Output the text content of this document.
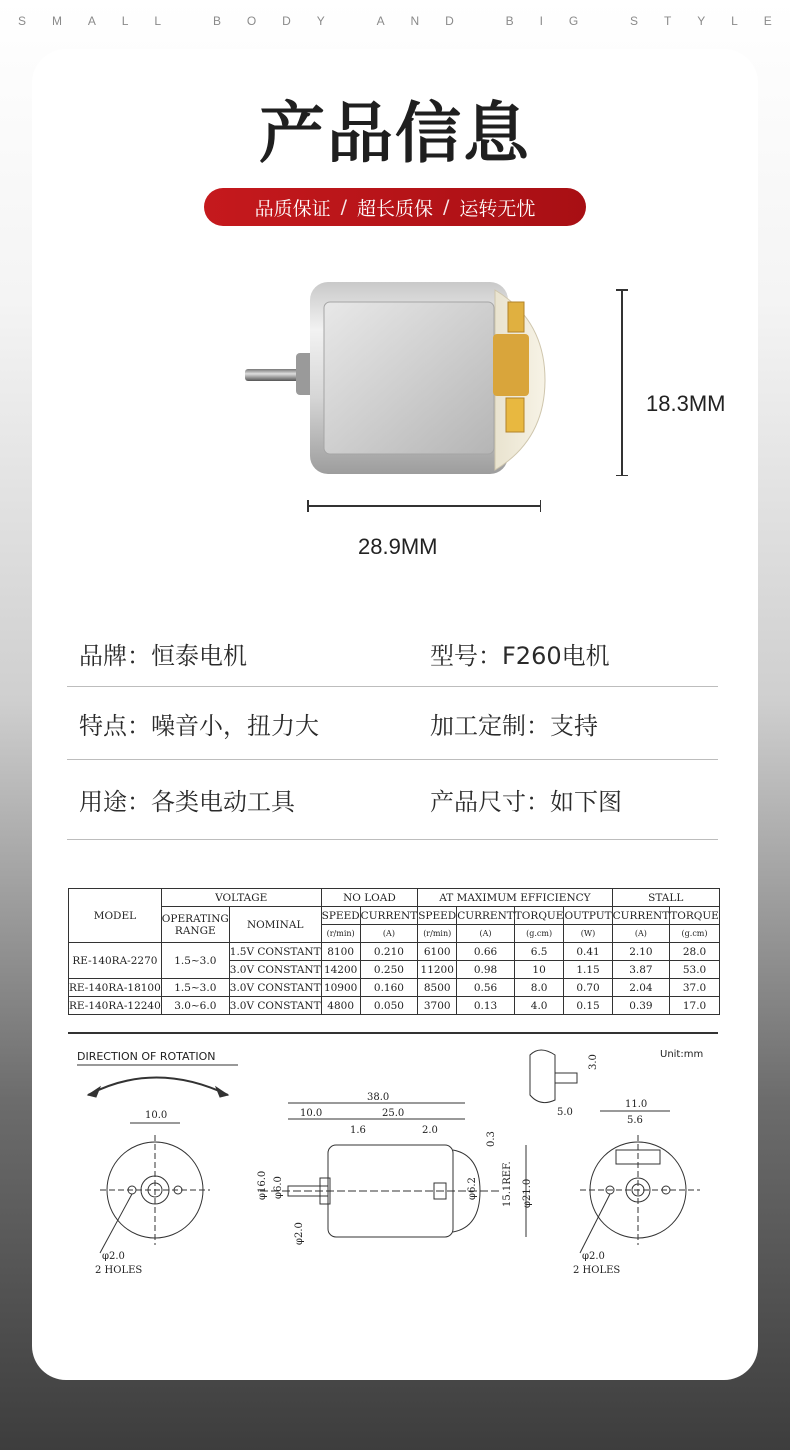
S M A L L	B O D Y	A N D	B I G	S T Y L E
产品信息
品质保证 / 超长质保 / 运转无忧
18.3MM
28.9MM
品牌：恒泰电机	型号：F260电机
特点：噪音小，扭力大	加工定制：支持
用途：各类电动工具	产品尺寸：如下图
MODEL	VOLTAGE		NO LOAD		AT MAXIMUM EFFICIENCY				STALL	
	OPERATING
RANGE	NOMINAL	SPEED	CURRENT	SPEED	CURRENT	TORQUE	OUTPUT	CURRENT	TORQUE
			(r/min)	(A)	(r/min)	(A)	(g.cm)	(W)	(A)	(g.cm)
RE-140RA-2270	1.5~3.0	1.5V CONSTANT	8100	0.210	6100	0.66	6.5	0.41	2.10	28.0
		3.0V CONSTANT	14200	0.250	11200	0.98	10	1.15	3.87	53.0
RE-140RA-18100	1.5~3.0	3.0V CONSTANT	10900	0.160	8500	0.56	8.0	0.70	2.04	37.0
RE-140RA-12240	3.0~6.0	3.0V CONSTANT	4800	0.050	3700	0.13	4.0	0.15	0.39	17.0
DIRECTION OF ROTATION
10.0
φ2.0
2 HOLES
38.0
10.0	25.0
1.6	2.0
0.3
φ16.0 φ6.0
φ2.0
φ6.2 15.1REF. φ21.0
Unit:mm
3.0
5.0
11.0
5.6
φ2.0
2 HOLES
